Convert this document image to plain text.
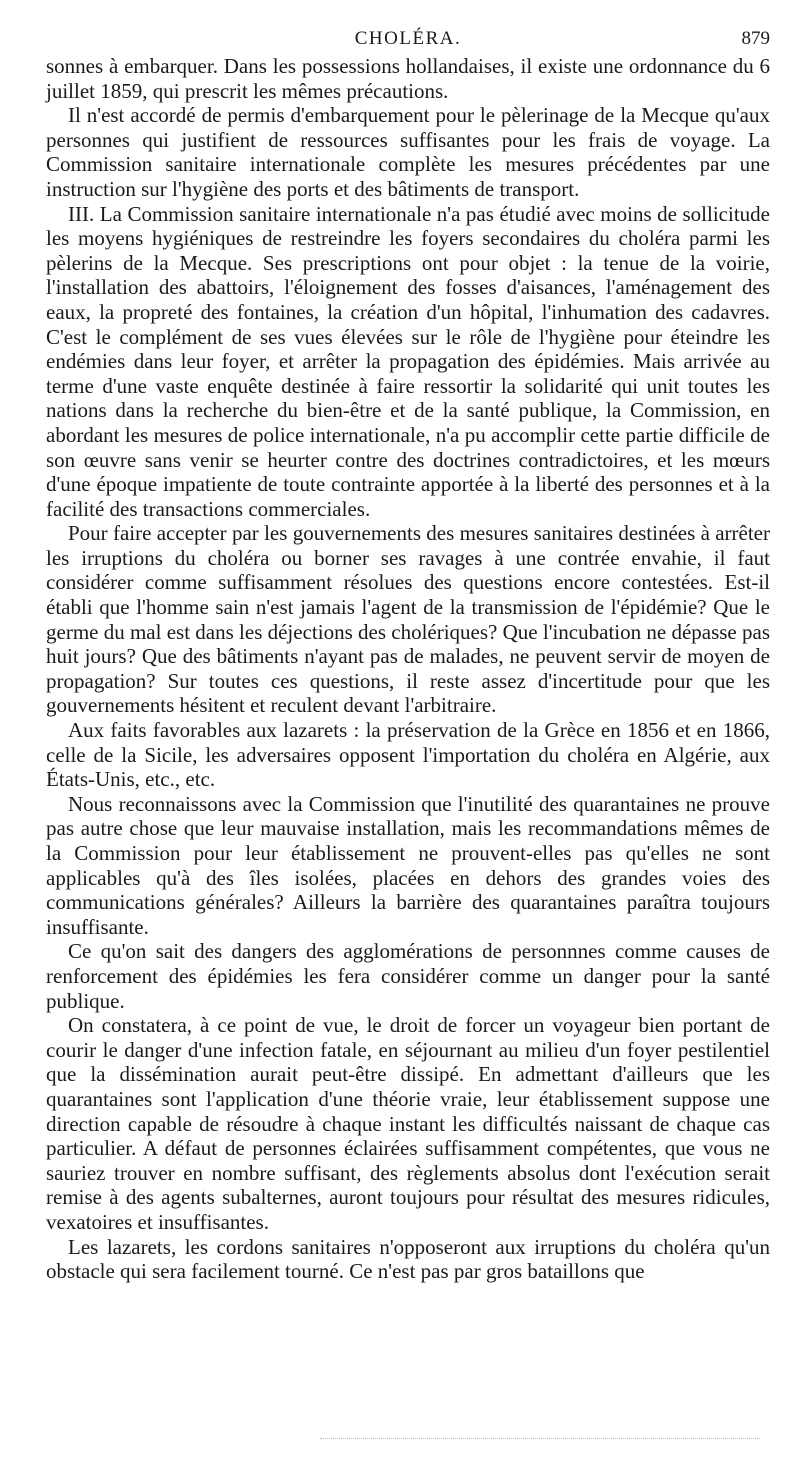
CHOLÉRA.	879

sonnes à embarquer. Dans les possessions hollandaises, il existe une ordonnance du 6 juillet 1859, qui prescrit les mêmes précautions.

Il n'est accordé de permis d'embarquement pour le pèlerinage de la Mecque qu'aux personnes qui justifient de ressources suffisantes pour les frais de voyage. La Commission sanitaire internationale complète les mesures précédentes par une instruction sur l'hygiène des ports et des bâtiments de transport.

III. La Commission sanitaire internationale n'a pas étudié avec moins de sollicitude les moyens hygiéniques de restreindre les foyers secondaires du choléra parmi les pèlerins de la Mecque. Ses prescriptions ont pour objet : la tenue de la voirie, l'installation des abattoirs, l'éloignement des fosses d'aisances, l'aménagement des eaux, la propreté des fontaines, la création d'un hôpital, l'inhumation des cadavres. C'est le complément de ses vues élevées sur le rôle de l'hygiène pour éteindre les endémies dans leur foyer, et arrêter la propagation des épidémies. Mais arrivée au terme d'une vaste enquête destinée à faire ressortir la solidarité qui unit toutes les nations dans la recherche du bien-être et de la santé publique, la Commission, en abordant les mesures de police internationale, n'a pu accomplir cette partie difficile de son œuvre sans venir se heurter contre des doctrines contradictoires, et les mœurs d'une époque impatiente de toute contrainte apportée à la liberté des personnes et à la facilité des transactions commerciales.

Pour faire accepter par les gouvernements des mesures sanitaires destinées à arrêter les irruptions du choléra ou borner ses ravages à une contrée envahie, il faut considérer comme suffisamment résolues des questions encore contestées. Est-il établi que l'homme sain n'est jamais l'agent de la transmission de l'épidémie? Que le germe du mal est dans les déjections des cholériques? Que l'incubation ne dépasse pas huit jours? Que des bâtiments n'ayant pas de malades, ne peuvent servir de moyen de propagation? Sur toutes ces questions, il reste assez d'incertitude pour que les gouvernements hésitent et reculent devant l'arbitraire.

Aux faits favorables aux lazarets : la préservation de la Grèce en 1856 et en 1866, celle de la Sicile, les adversaires opposent l'importation du choléra en Algérie, aux États-Unis, etc., etc.

Nous reconnaissons avec la Commission que l'inutilité des quarantaines ne prouve pas autre chose que leur mauvaise installation, mais les recommandations mêmes de la Commission pour leur établissement ne prouvent-elles pas qu'elles ne sont applicables qu'à des îles isolées, placées en dehors des grandes voies des communications générales? Ailleurs la barrière des quarantaines paraîtra toujours insuffisante.

Ce qu'on sait des dangers des agglomérations de personnnes comme causes de renforcement des épidémies les fera considérer comme un danger pour la santé publique.

On constatera, à ce point de vue, le droit de forcer un voyageur bien portant de courir le danger d'une infection fatale, en séjournant au milieu d'un foyer pestilentiel que la dissémination aurait peut-être dissipé. En admettant d'ailleurs que les quarantaines sont l'application d'une théorie vraie, leur établissement suppose une direction capable de résoudre à chaque instant les difficultés naissant de chaque cas particulier. A défaut de personnes éclairées suffisamment compétentes, que vous ne sauriez trouver en nombre suffisant, des règlements absolus dont l'exécution serait remise à des agents subalternes, auront toujours pour résultat des mesures ridicules, vexatoires et insuffisantes.

Les lazarets, les cordons sanitaires n'opposeront aux irruptions du choléra qu'un obstacle qui sera facilement tourné. Ce n'est pas par gros bataillons que
